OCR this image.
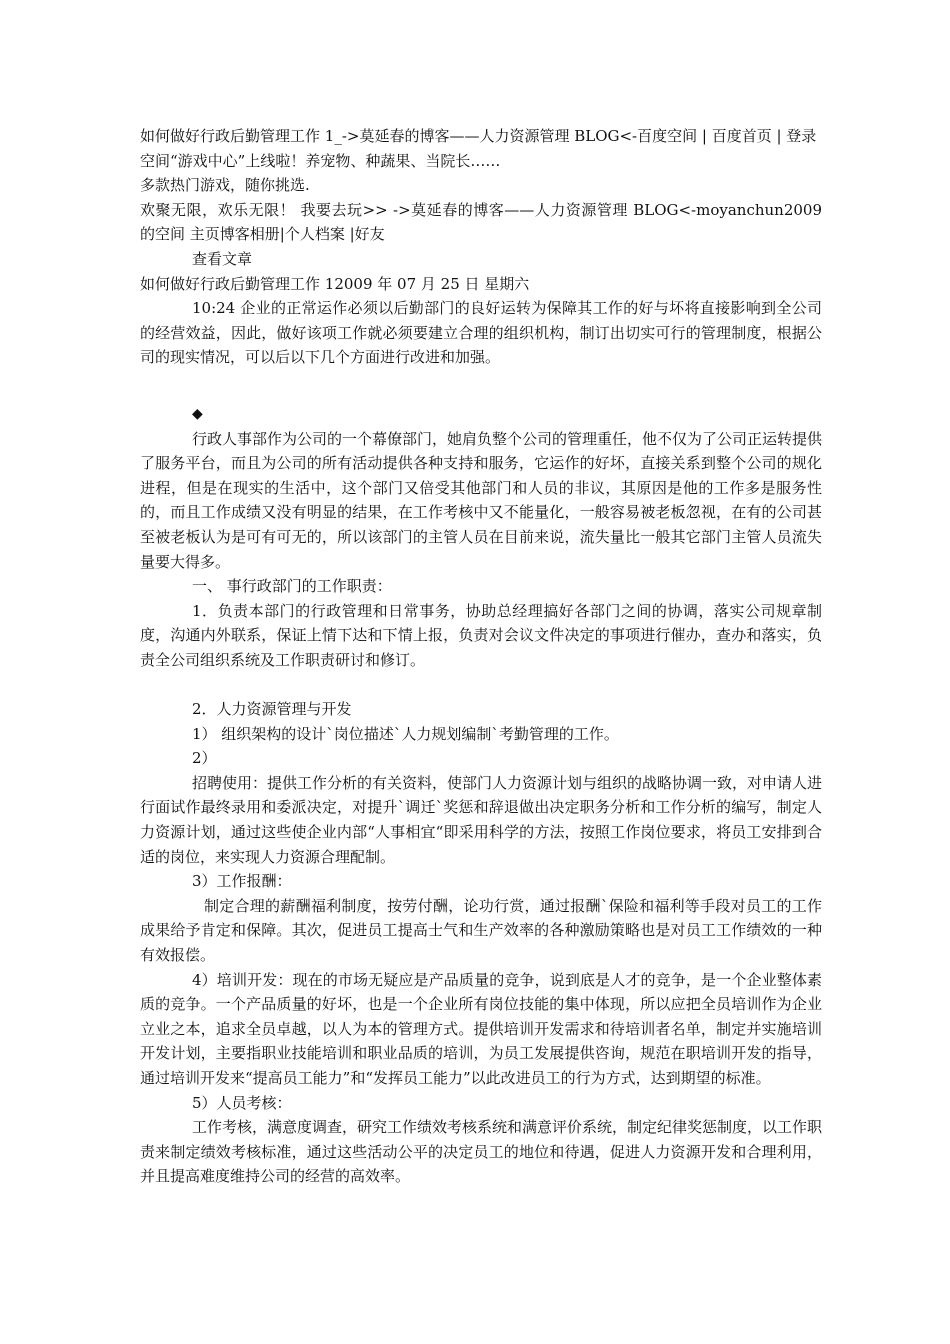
如何做好行政后勤管理工作 1_->莫延春的博客——人力资源管理 BLOG<-百度空间 | 百度首页 | 登录 空间“游戏中心”上线啦！养宠物、种蔬果、当院长……

多款热门游戏，随你挑选.

欢聚无限，欢乐无限！ 我要去玩>> ->莫延春的博客——人力资源管理 BLOG<-moyanchun2009 的空间 主页博客相册|个人档案 |好友

查看文章

如何做好行政后勤管理工作 12009 年 07 月 25 日 星期六

10:24 企业的正常运作必须以后勤部门的良好运转为保障其工作的好与坏将直接影响到全公司的经营效益，因此，做好该项工作就必须要建立合理的组织机构，制订出切实可行的管理制度，根据公司的现实情况，可以后以下几个方面进行改进和加强。

◆

行政人事部作为公司的一个幕僚部门，她肩负整个公司的管理重任，他不仅为了公司正运转提供了服务平台，而且为公司的所有活动提供各种支持和服务，它运作的好坏，直接关系到整个公司的规化进程，但是在现实的生活中，这个部门又倍受其他部门和人员的非议，其原因是他的工作多是服务性的，而且工作成绩又没有明显的结果，在工作考核中又不能量化，一般容易被老板忽视，在有的公司甚至被老板认为是可有可无的，所以该部门的主管人员在目前来说，流失量比一般其它部门主管人员流失量要大得多。

一、 事行政部门的工作职责：

1．负责本部门的行政管理和日常事务，协助总经理搞好各部门之间的协调，落实公司规章制度，沟通内外联系，保证上情下达和下情上报，负责对会议文件决定的事项进行催办，查办和落实，负责全公司组织系统及工作职责研讨和修订。

2．人力资源管理与开发

1） 组织架构的设计`岗位描述`人力规划编制`考勤管理的工作。

2）

招聘使用：提供工作分析的有关资料，使部门人力资源计划与组织的战略协调一致，对申请人进行面试作最终录用和委派决定，对提升`调迁`奖惩和辞退做出决定职务分析和工作分析的编写，制定人力资源计划，通过这些使企业内部“人事相宜“即采用科学的方法，按照工作岗位要求，将员工安排到合适的岗位，来实现人力资源合理配制。

3）工作报酬：

制定合理的薪酬福利制度，按劳付酬，论功行赏，通过报酬`保险和福利等手段对员工的工作成果给予肯定和保障。其次，促进员工提高士气和生产效率的各种激励策略也是对员工工作绩效的一种有效报偿。

4）培训开发：现在的市场无疑应是产品质量的竞争，说到底是人才的竞争，是一个企业整体素质的竞争。一个产品质量的好坏，也是一个企业所有岗位技能的集中体现，所以应把全员培训作为企业立业之本，追求全员卓越，以人为本的管理方式。提供培训开发需求和待培训者名单，制定并实施培训开发计划，主要指职业技能培训和职业品质的培训，为员工发展提供咨询，规范在职培训开发的指导，通过培训开发来“提高员工能力”和“发挥员工能力”以此改进员工的行为方式，达到期望的标准。

5）人员考核：

工作考核，满意度调查，研究工作绩效考核系统和满意评价系统，制定纪律奖惩制度，以工作职责来制定绩效考核标准，通过这些活动公平的决定员工的地位和待遇，促进人力资源开发和合理利用，并且提高难度维持公司的经营的高效率。
